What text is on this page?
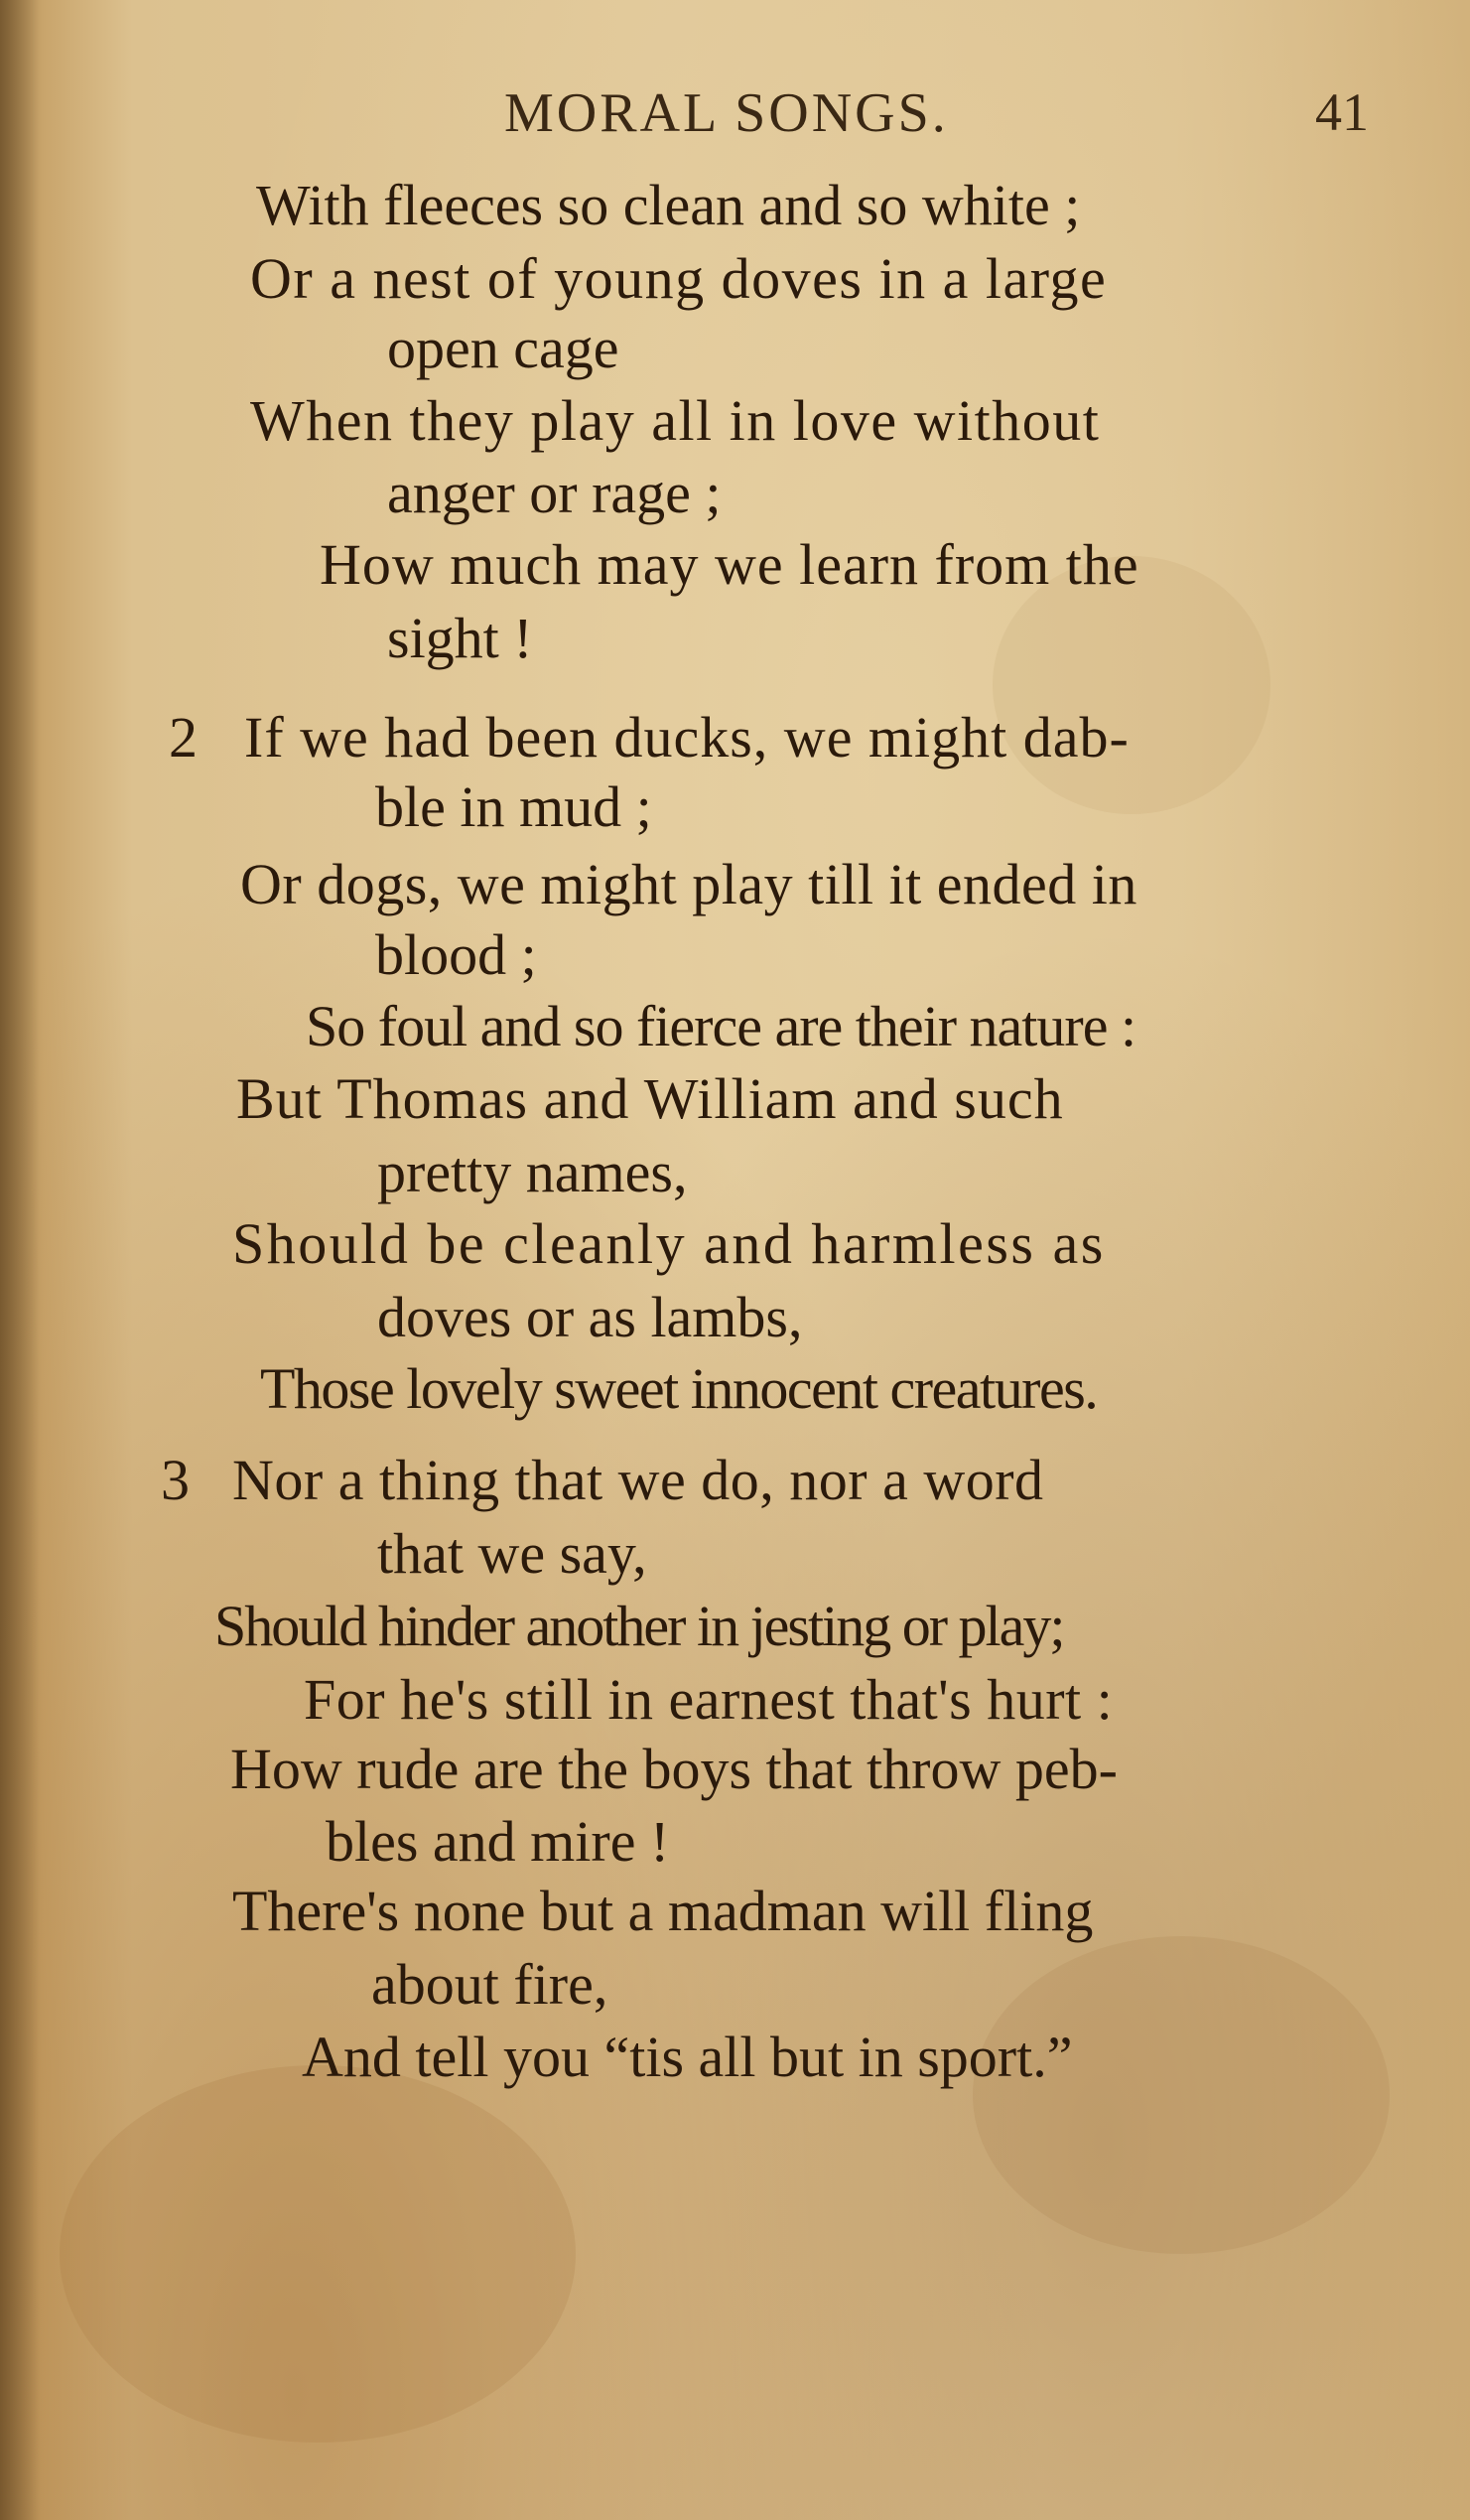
MORAL SONGS.	41
With fleeces so clean and so white ;
Or a nest of young doves in a large
open cage
When they play all in love without
anger or rage ;
How much may we learn from the
sight !
2 If we had been ducks, we might dab-
ble in mud ;
Or dogs, we might play till it ended in
blood ;
So foul and so fierce are their nature :
But Thomas and William and such
pretty names,
Should be cleanly and harmless as
doves or as lambs,
Those lovely sweet innocent creatures.
3 Nor a thing that we do, nor a word
that we say,
Should hinder another in jesting or play;
For he's still in earnest that's hurt :
How rude are the boys that throw peb-
bles and mire !
There's none but a madman will fling
about fire,
And tell you “tis all but in sport.”
